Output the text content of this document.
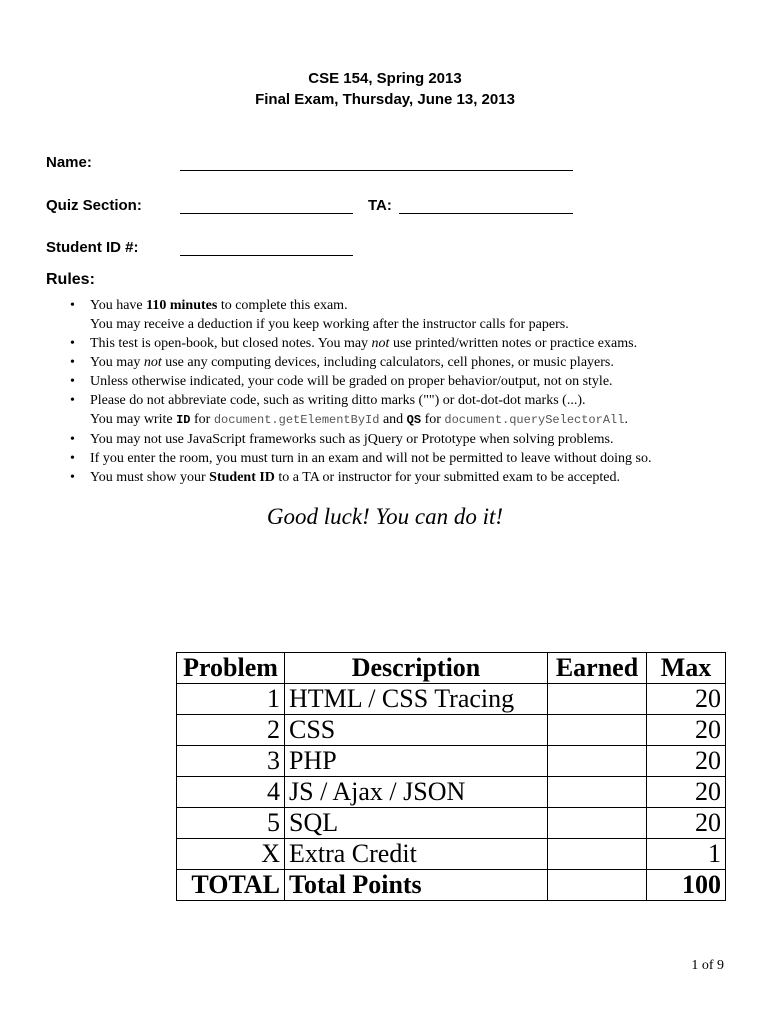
CSE 154, Spring 2013
Final Exam, Thursday, June 13, 2013
Name:
Quiz Section:	TA:
Student ID #:
Rules:
• You have 110 minutes to complete this exam.
You may receive a deduction if you keep working after the instructor calls for papers.
• This test is open-book, but closed notes. You may not use printed/written notes or practice exams.
• You may not use any computing devices, including calculators, cell phones, or music players.
• Unless otherwise indicated, your code will be graded on proper behavior/output, not on style.
• Please do not abbreviate code, such as writing ditto marks ("") or dot-dot-dot marks (...).
You may write ID for document.getElementById and QS for document.querySelectorAll.
• You may not use JavaScript frameworks such as jQuery or Prototype when solving problems.
• If you enter the room, you must turn in an exam and will not be permitted to leave without doing so.
• You must show your Student ID to a TA or instructor for your submitted exam to be accepted.
Good luck! You can do it!
Problem	Description	Earned	Max
1	HTML / CSS Tracing		20
2	CSS		20
3	PHP		20
4	JS / Ajax / JSON		20
5	SQL		20
X	Extra Credit		1
TOTAL	Total Points		100
1 of 9
